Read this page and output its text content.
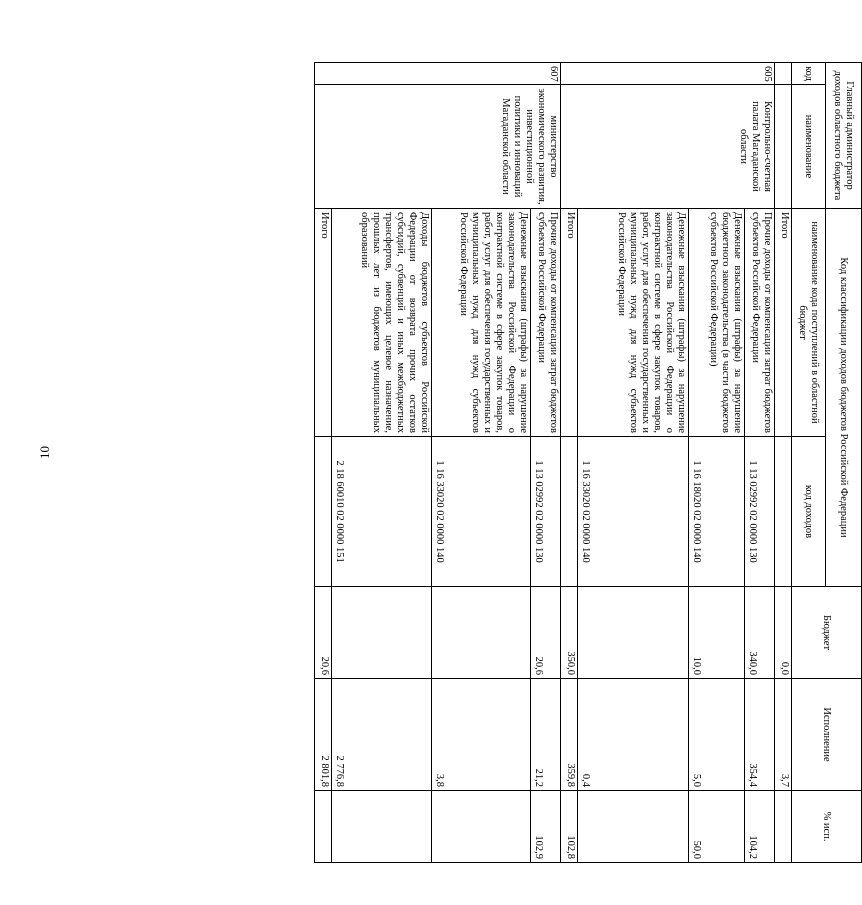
10
Главный администратор доходов областного бюджета		Код классификации доходов бюджетов Российской Федерации		Бюджет	Исполнение	% исп.
код	наименование	наименование кода поступлений в областной бюджет	код доходов			
		Итого		0,0	3,7	
605	Контрольно-счетная палата Магаданской области	Прочие доходы от компенсации затрат бюджетов субъектов Российской Федерации	1 13 02992 02 0000 130	340,0	354,4	104,2
		Денежные взыскания (штрафы) за нарушение бюджетного законодательства (в части бюджетов субъектов Российской Федерации)	1 16 18020 02 0000 140	10,0	5,0	50,0
		Денежные взыскания (штрафы) за нарушение законодательства Российской Федерации о контрактной системе в сфере закупок товаров, работ, услуг для обеспечения государственных и муниципальных нужд для нужд субъектов Российской Федерации	1 16 33020 02 0000 140		0,4	
		Итого		350,0	359,8	102,8
607	министерство экономического развития, инвестиционной политики и инноваций Магаданской области	Прочие доходы от компенсации затрат бюджетов субъектов Российской Федерации	1 13 02992 02 0000 130	20,6	21,2	102,9
		Денежные взыскания (штрафы) за нарушение законодательства Российской Федерации о контрактной системе в сфере закупок товаров, работ, услуг для обеспечения государственных и муниципальных нужд для нужд субъектов Российской Федерации	1 16 33020 02 0000 140		3,8	
		Доходы бюджетов субъектов Российской Федерации от возврата прочих остатков субсидий, субвенций и иных межбюджетных трансфертов, имеющих целевое назначение, прошлых лет из бюджетов муниципальных образований	2 18 60010 02 0000 151		2 776,8	
		Итого		20,6	2 801,8	
